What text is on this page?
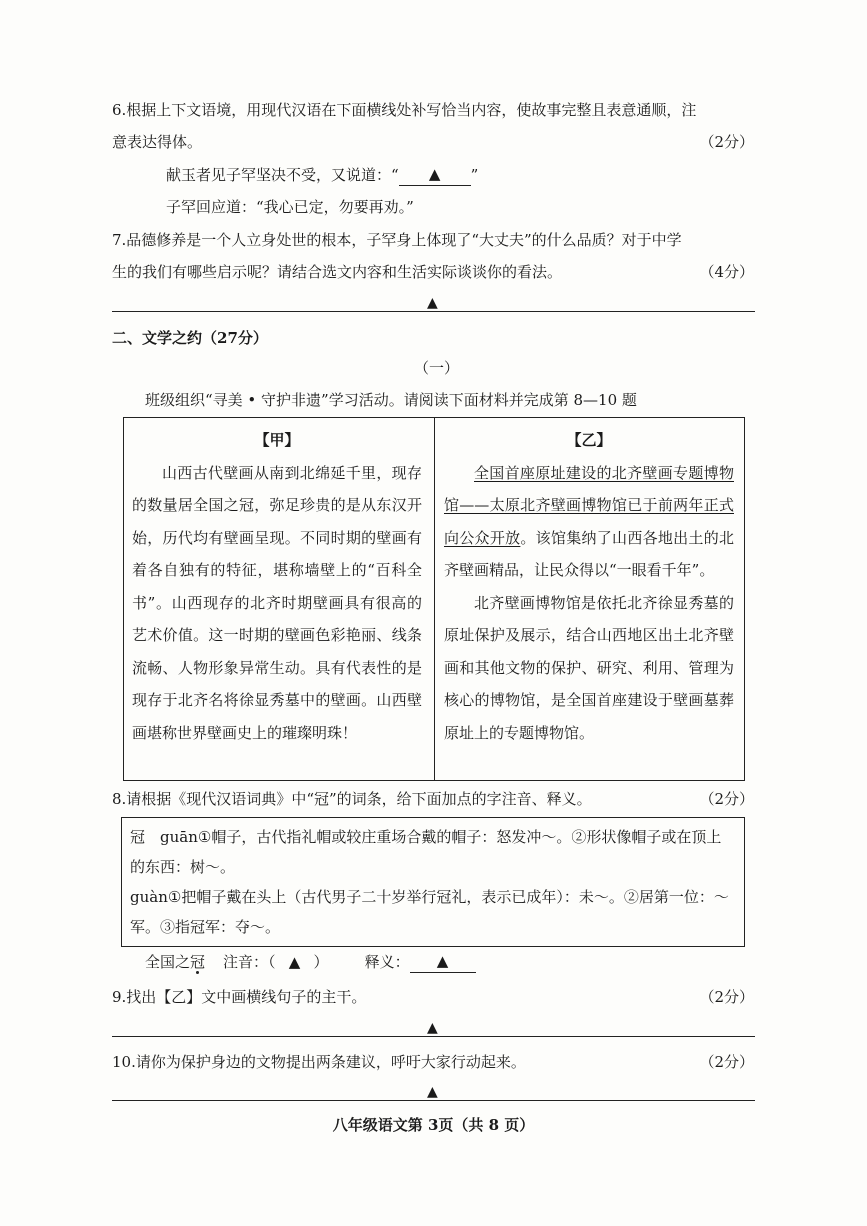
6.根据上下文语境，用现代汉语在下面横线处补写恰当内容，使故事完整且表意通顺，注
意表达得体。	（2分）
献玉者见子罕坚决不受，又说道：“ ▲ ”
子罕回应道：“我心已定，勿要再劝。”
7.品德修养是一个人立身处世的根本，子罕身上体现了“大丈夫”的什么品质？对于中学
生的我们有哪些启示呢？请结合选文内容和生活实际谈谈你的看法。	（4分）
▲
二、文学之约（27分）
（一）
班级组织“寻美 • 守护非遗”学习活动。请阅读下面材料并完成第 8—10 题
【甲】

山西古代壁画从南到北绵延千里，现存的数量居全国之冠，弥足珍贵的是从东汉开始，历代均有壁画呈现。不同时期的壁画有着各自独有的特征，堪称墙壁上的“百科全书”。山西现存的北齐时期壁画具有很高的艺术价值。这一时期的壁画色彩艳丽、线条流畅、人物形象异常生动。具有代表性的是现存于北齐名将徐显秀墓中的壁画。山西壁画堪称世界壁画史上的璀璨明珠！

【乙】

全国首座原址建设的北齐壁画专题博物馆——太原北齐壁画博物馆已于前两年正式向公众开放。该馆集纳了山西各地出土的北齐壁画精品，让民众得以“一眼看千年”。

北齐壁画博物馆是依托北齐徐显秀墓的原址保护及展示，结合山西地区出土北齐壁画和其他文物的保护、研究、利用、管理为核心的博物馆，是全国首座建设于壁画墓葬原址上的专题博物馆。

8.请根据《现代汉语词典》中“冠”的词条，给下面加点的字注音、释义。	（2分）
冠　guān①帽子，古代指礼帽或较庄重场合戴的帽子：怒发冲～。②形状像帽子或在顶上的东西：树～。
guàn①把帽子戴在头上（古代男子二十岁举行冠礼，表示已成年）：未～。②居第一位：～军。③指冠军：夺～。
全国之冠 注音：（ ▲ ） 释义： ▲
9.找出【乙】文中画横线句子的主干。	（2分）
▲
10.请你为保护身边的文物提出两条建议，呼吁大家行动起来。	（2分）
▲
八年级语文第 3页（共 8 页）
